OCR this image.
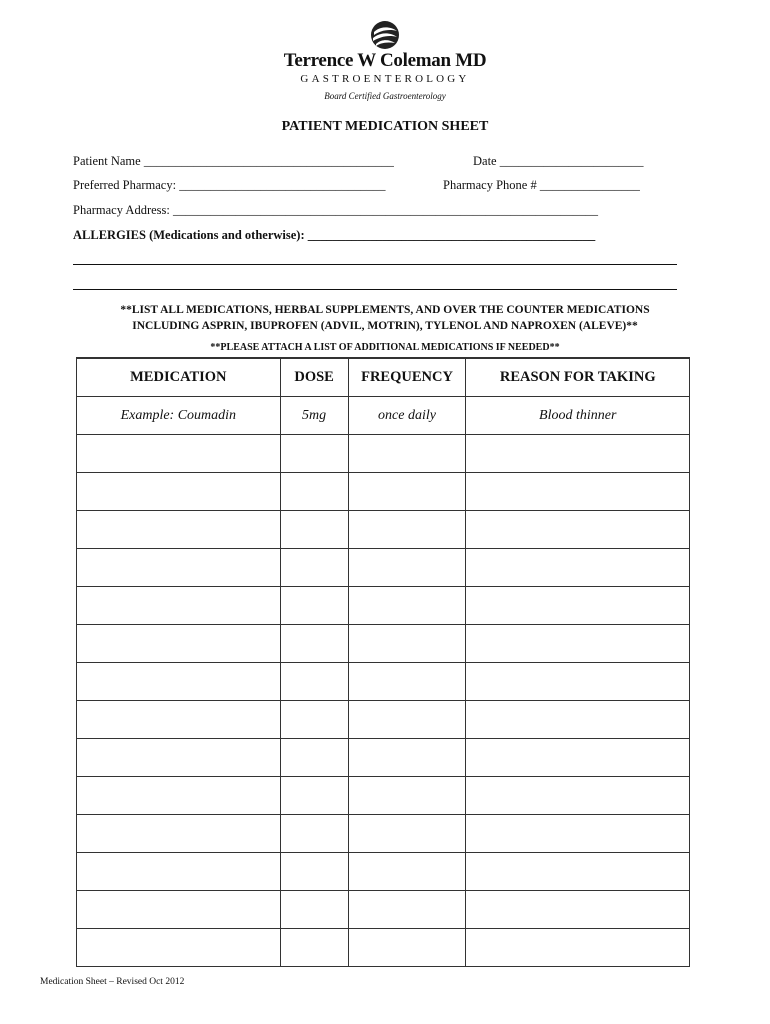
Terrence W Coleman MD
GASTROENTEROLOGY
Board Certified Gastroenterology
PATIENT MEDICATION SHEET
Patient Name ________________________________________	Date _______________________
Preferred Pharmacy: _________________________________	Pharmacy Phone # ________________
Pharmacy Address: ____________________________________________________________________
ALLERGIES (Medications and otherwise): ______________________________________________
**LIST ALL MEDICATIONS, HERBAL SUPPLEMENTS, AND OVER THE COUNTER MEDICATIONS
INCLUDING ASPRIN, IBUPROFEN (ADVIL, MOTRIN), TYLENOL AND NAPROXEN (ALEVE)**
**PLEASE ATTACH A LIST OF ADDITIONAL MEDICATIONS IF NEEDED**
MEDICATION	DOSE	FREQUENCY	REASON FOR TAKING
Example: Coumadin	5mg	once daily	Blood thinner

Medication Sheet – Revised Oct 2012
